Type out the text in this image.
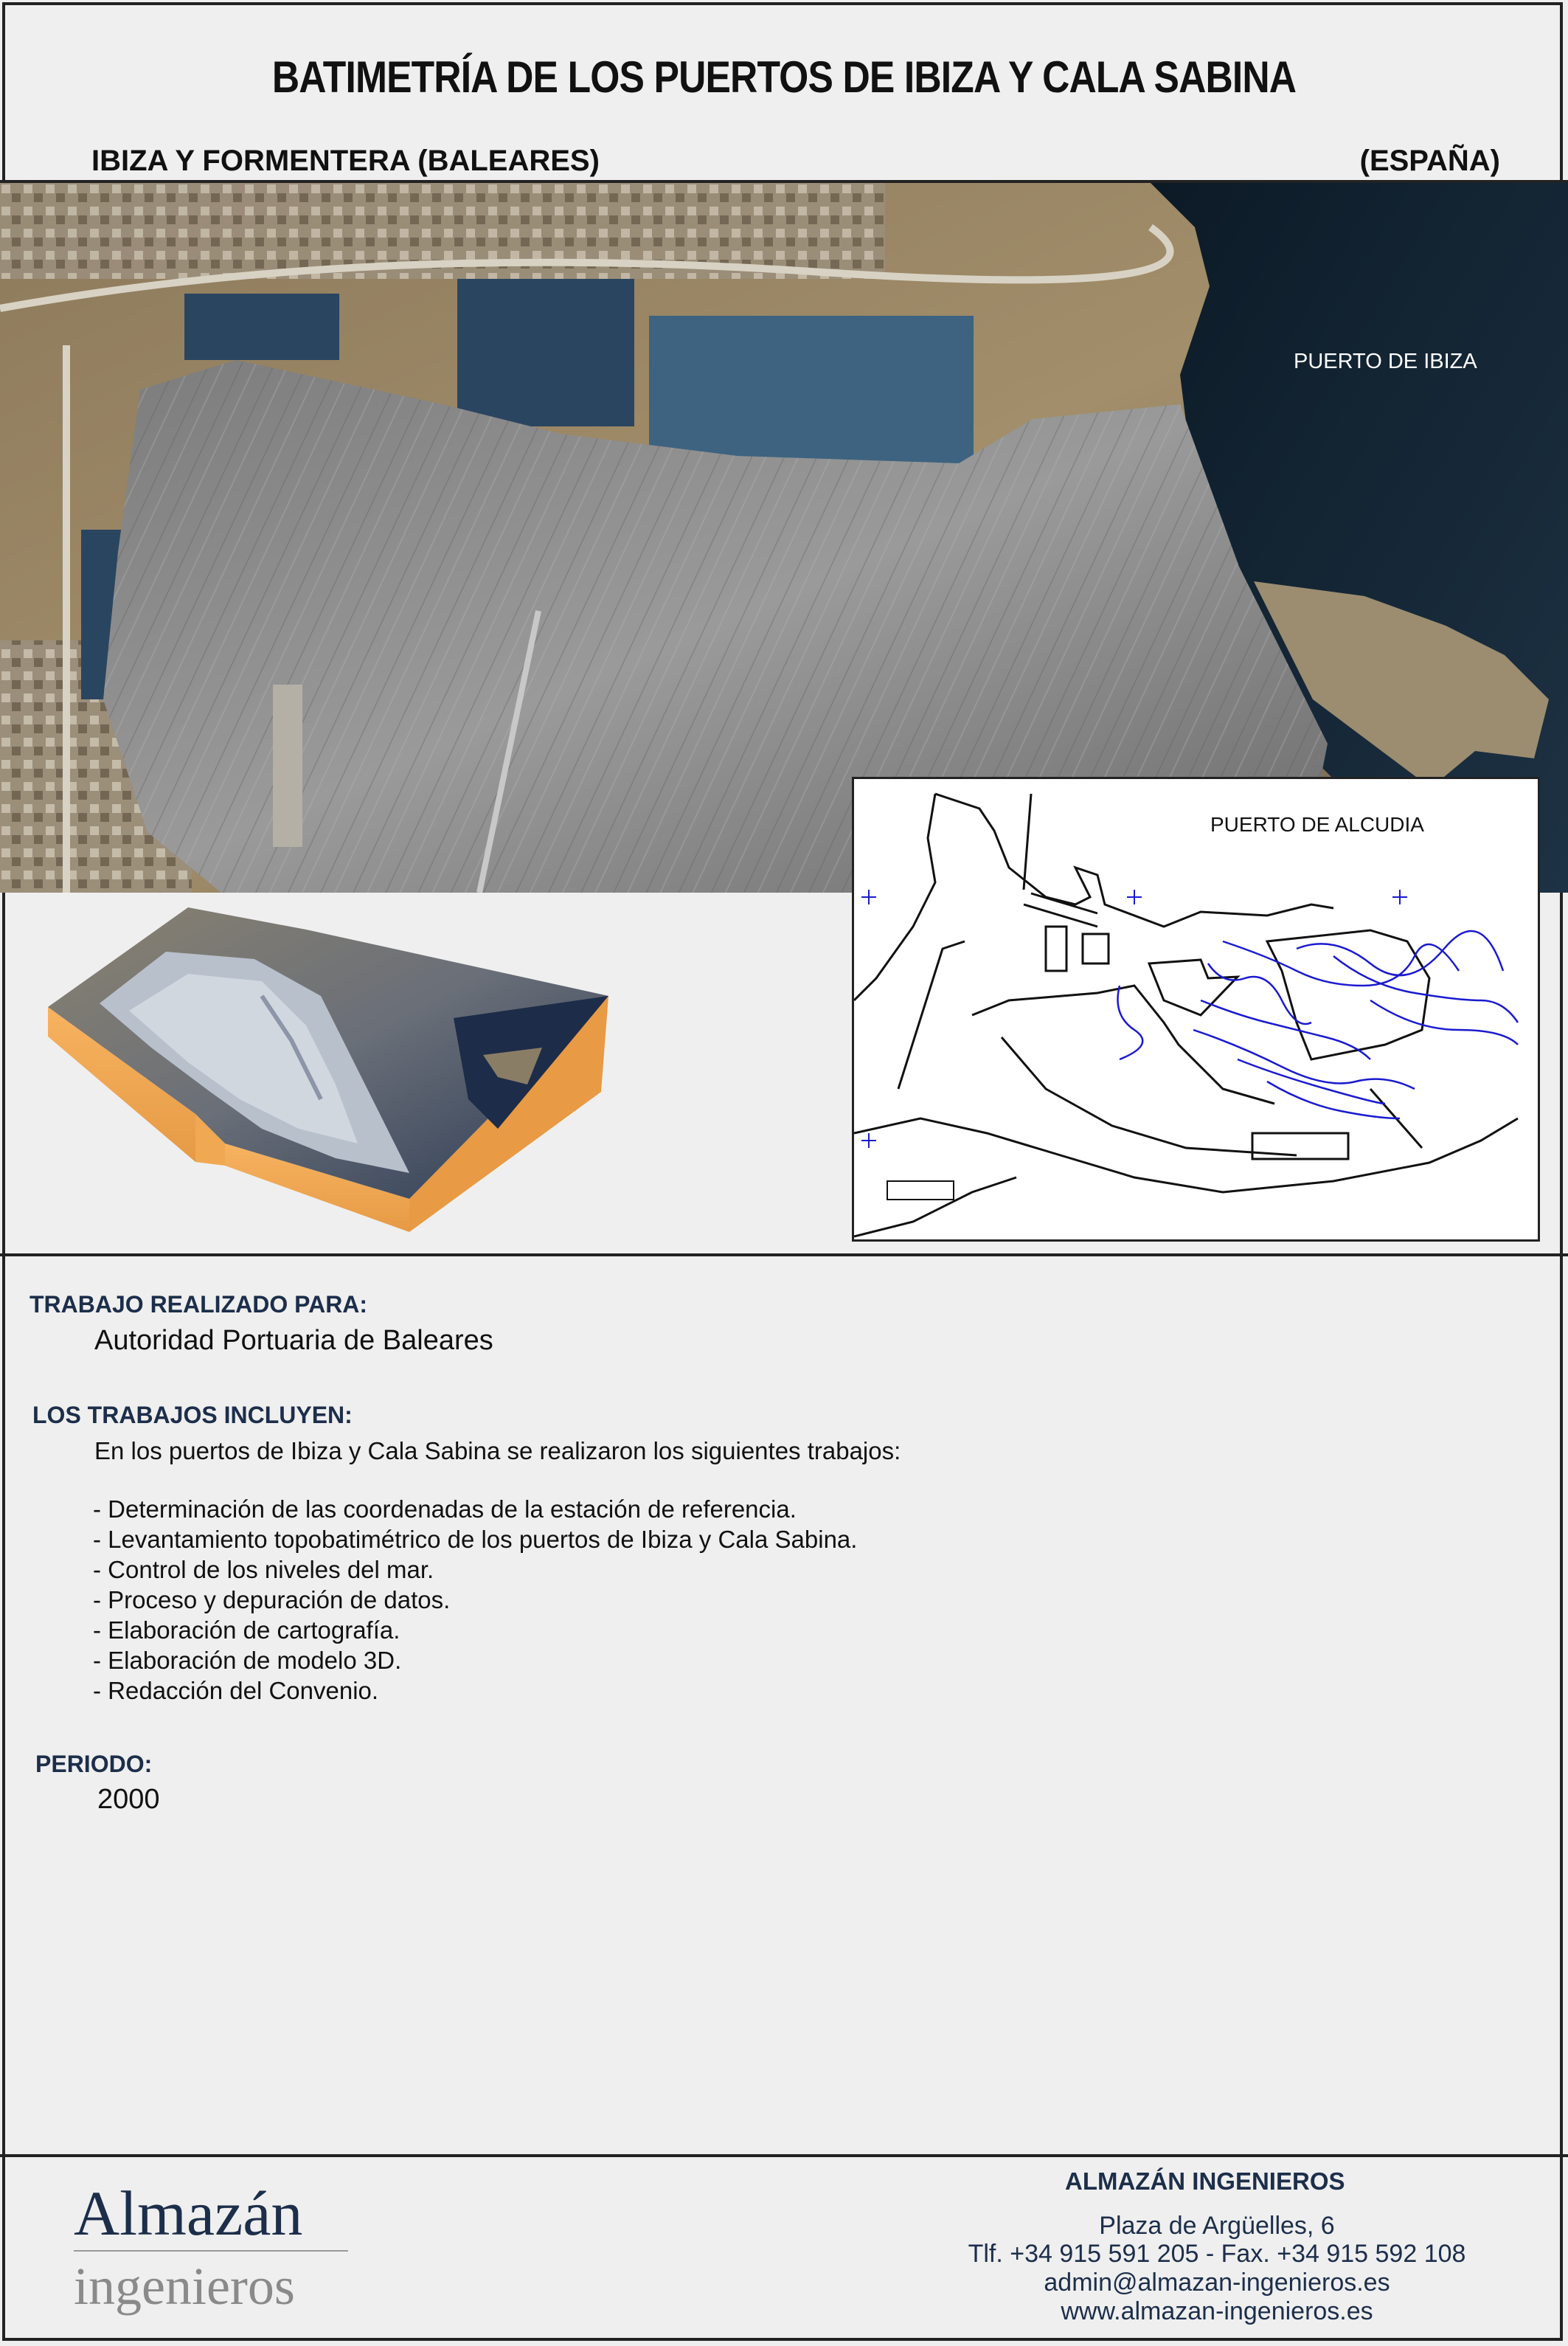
BATIMETRÍA DE LOS PUERTOS DE IBIZA Y CALA SABINA
IBIZA Y FORMENTERA (BALEARES)	(ESPAÑA)
PUERTO DE IBIZA
PUERTO DE ALCUDIA
TRABAJO REALIZADO PARA:
Autoridad Portuaria de Baleares
LOS TRABAJOS INCLUYEN:
En los puertos de Ibiza y Cala Sabina se realizaron los siguientes trabajos:
- Determinación de las coordenadas de la estación de referencia.
- Levantamiento topobatimétrico de los puertos de Ibiza y Cala Sabina.
- Control de los niveles del mar.
- Proceso y depuración de datos.
- Elaboración de cartografía.
- Elaboración de modelo 3D.
- Redacción del Convenio.
PERIODO:
2000
Almazán
ingenieros
ALMAZÁN INGENIEROS
Plaza de Argüelles, 6
Tlf. +34 915 591 205 - Fax. +34 915 592 108
admin@almazan-ingenieros.es
www.almazan-ingenieros.es
